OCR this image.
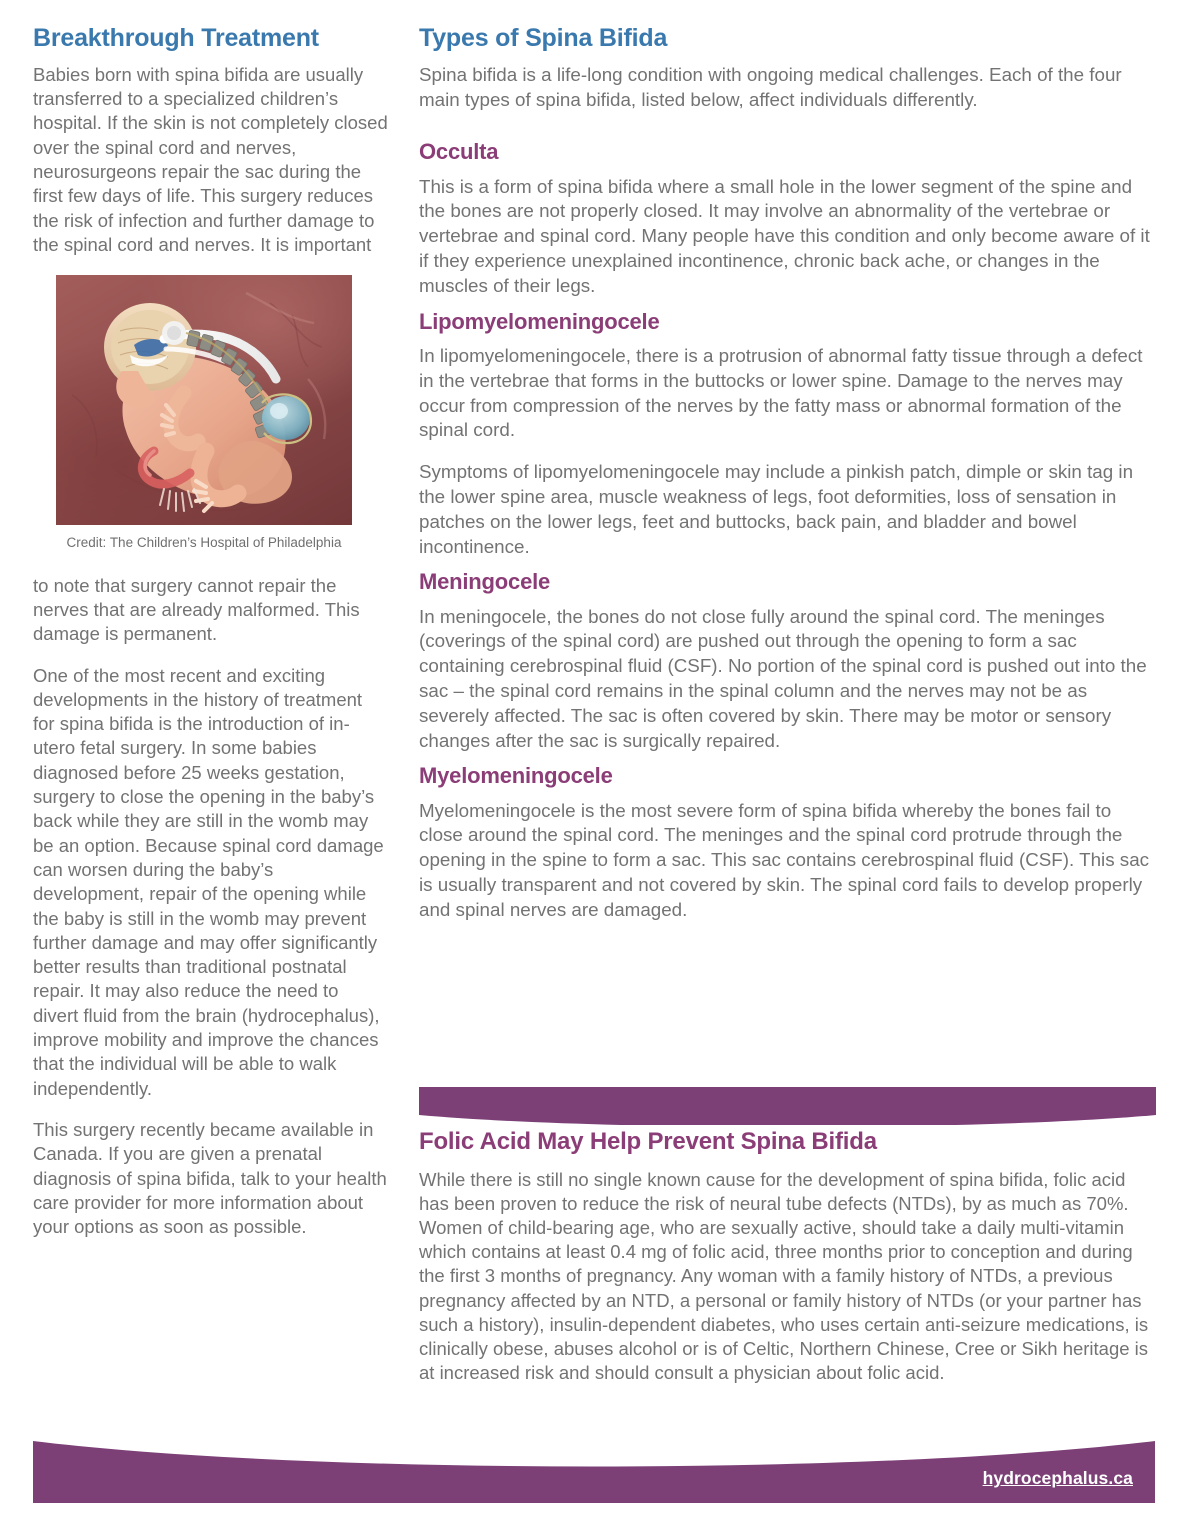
Breakthrough Treatment

Babies born with spina bifida are usually transferred to a specialized children’s hospital. If the skin is not completely closed over the spinal cord and nerves, neurosurgeons repair the sac during the first few days of life. This surgery reduces the risk of infection and further damage to the spinal cord and nerves. It is important

Credit: The Children’s Hospital of Philadelphia

to note that surgery cannot repair the nerves that are already malformed. This damage is permanent.

One of the most recent and exciting developments in the history of treatment for spina bifida is the introduction of in-utero fetal surgery. In some babies diagnosed before 25 weeks gestation, surgery to close the opening in the baby’s back while they are still in the womb may be an option. Because spinal cord damage can worsen during the baby’s development, repair of the opening while the baby is still in the womb may prevent further damage and may offer significantly better results than traditional postnatal repair. It may also reduce the need to divert fluid from the brain (hydrocephalus), improve mobility and improve the chances that the individual will be able to walk independently.

This surgery recently became available in Canada. If you are given a prenatal diagnosis of spina bifida, talk to your health care provider for more information about your options as soon as possible.

Types of Spina Bifida

Spina bifida is a life-long condition with ongoing medical challenges. Each of the four main types of spina bifida, listed below, affect individuals differently.

Occulta

This is a form of spina bifida where a small hole in the lower segment of the spine and the bones are not properly closed. It may involve an abnormality of the vertebrae or vertebrae and spinal cord. Many people have this condition and only become aware of it if they experience unexplained incontinence, chronic back ache, or changes in the muscles of their legs.

Lipomyelomeningocele

In lipomyelomeningocele, there is a protrusion of abnormal fatty tissue through a defect in the vertebrae that forms in the buttocks or lower spine. Damage to the nerves may occur from compression of the nerves by the fatty mass or abnormal formation of the spinal cord.

Symptoms of lipomyelomeningocele may include a pinkish patch, dimple or skin tag in the lower spine area, muscle weakness of legs, foot deformities, loss of sensation in patches on the lower legs, feet and buttocks, back pain, and bladder and bowel incontinence.

Meningocele

In meningocele, the bones do not close fully around the spinal cord. The meninges (coverings of the spinal cord) are pushed out through the opening to form a sac containing cerebrospinal fluid (CSF). No portion of the spinal cord is pushed out into the sac – the spinal cord remains in the spinal column and the nerves may not be as severely affected. The sac is often covered by skin. There may be motor or sensory changes after the sac is surgically repaired.

Myelomeningocele

Myelomeningocele is the most severe form of spina bifida whereby the bones fail to close around the spinal cord. The meninges and the spinal cord protrude through the opening in the spine to form a sac. This sac contains cerebrospinal fluid (CSF). This sac is usually transparent and not covered by skin. The spinal cord fails to develop properly and spinal nerves are damaged.

Folic Acid May Help Prevent Spina Bifida

While there is still no single known cause for the development of spina bifida, folic acid has been proven to reduce the risk of neural tube defects (NTDs), by as much as 70%. Women of child-bearing age, who are sexually active, should take a daily multi-vitamin which contains at least 0.4 mg of folic acid, three months prior to conception and during the first 3 months of pregnancy. Any woman with a family history of NTDs, a previous pregnancy affected by an NTD, a personal or family history of NTDs (or your partner has such a history), insulin-dependent diabetes, who uses certain anti-seizure medications, is clinically obese, abuses alcohol or is of Celtic, Northern Chinese, Cree or Sikh heritage is at increased risk and should consult a physician about folic acid.

hydrocephalus.ca
